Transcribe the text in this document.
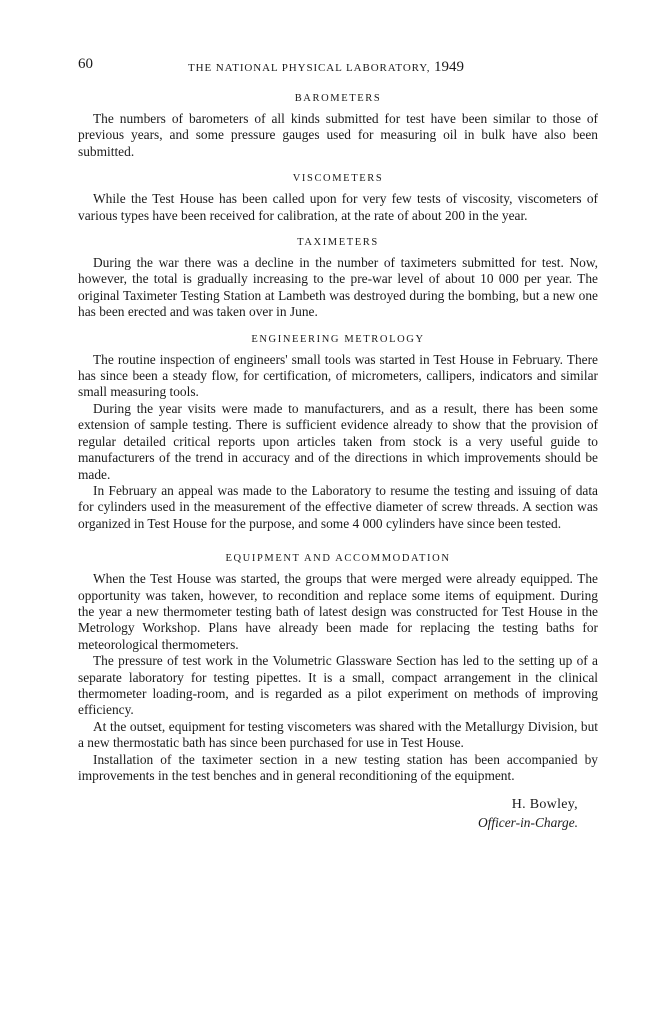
60	THE NATIONAL PHYSICAL LABORATORY, 1949
BAROMETERS

The numbers of barometers of all kinds submitted for test have been similar to those of previous years, and some pressure gauges used for measuring oil in bulk have also been submitted.

VISCOMETERS

While the Test House has been called upon for very few tests of viscosity, viscometers of various types have been received for calibration, at the rate of about 200 in the year.

TAXIMETERS

During the war there was a decline in the number of taximeters submitted for test. Now, however, the total is gradually increasing to the pre-war level of about 10 000 per year. The original Taximeter Testing Station at Lambeth was destroyed during the bombing, but a new one has been erected and was taken over in June.

ENGINEERING METROLOGY

The routine inspection of engineers' small tools was started in Test House in February. There has since been a steady flow, for certification, of micrometers, callipers, indicators and similar small measuring tools.

During the year visits were made to manufacturers, and as a result, there has been some extension of sample testing. There is sufficient evidence already to show that the provision of regular detailed critical reports upon articles taken from stock is a very useful guide to manufacturers of the trend in accuracy and of the directions in which improvements should be made.

In February an appeal was made to the Laboratory to resume the testing and issuing of data for cylinders used in the measurement of the effective diameter of screw threads. A section was organized in Test House for the purpose, and some 4 000 cylinders have since been tested.

EQUIPMENT AND ACCOMMODATION

When the Test House was started, the groups that were merged were already equipped. The opportunity was taken, however, to recondition and replace some items of equipment. During the year a new thermometer testing bath of latest design was constructed for Test House in the Metrology Workshop. Plans have already been made for replacing the testing baths for meteorological thermometers.

The pressure of test work in the Volumetric Glassware Section has led to the setting up of a separate laboratory for testing pipettes. It is a small, compact arrangement in the clinical thermometer loading-room, and is regarded as a pilot experiment on methods of improving efficiency.

At the outset, equipment for testing viscometers was shared with the Metallurgy Division, but a new thermostatic bath has since been purchased for use in Test House.

Installation of the taximeter section in a new testing station has been accompanied by improvements in the test benches and in general reconditioning of the equipment.

H. Bowley,
Officer-in-Charge.
